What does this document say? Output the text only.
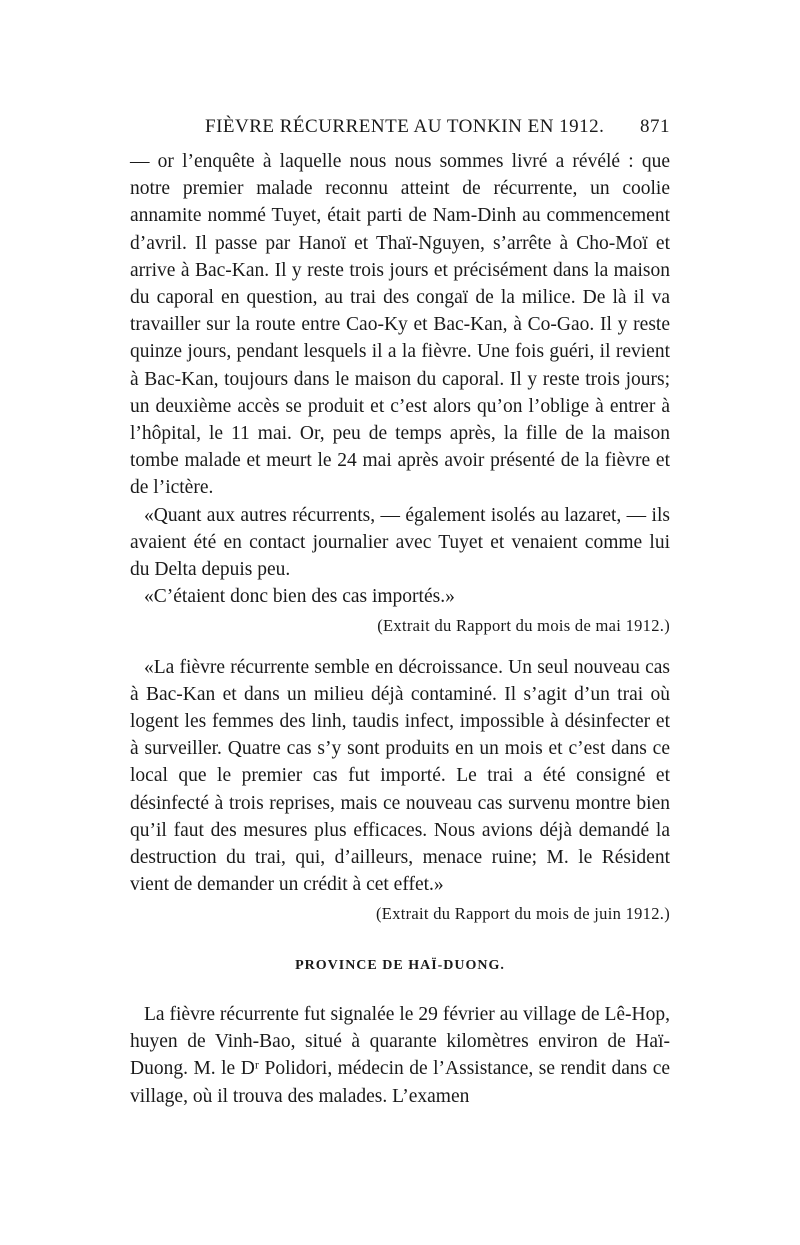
FIÈVRE RÉCURRENTE AU TONKIN EN 1912. 871

— or l’enquête à laquelle nous nous sommes livré a révélé : que notre premier malade reconnu atteint de récurrente, un coolie annamite nommé Tuyet, était parti de Nam-Dinh au commencement d’avril. Il passe par Hanoï et Thaï-Nguyen, s’arrête à Cho-Moï et arrive à Bac-Kan. Il y reste trois jours et précisément dans la maison du caporal en question, au trai des congaï de la milice. De là il va travailler sur la route entre Cao-Ky et Bac-Kan, à Co-Gao. Il y reste quinze jours, pendant lesquels il a la fièvre. Une fois guéri, il revient à Bac-Kan, toujours dans le maison du caporal. Il y reste trois jours; un deuxième accès se produit et c’est alors qu’on l’oblige à entrer à l’hôpital, le 11 mai. Or, peu de temps après, la fille de la maison tombe malade et meurt le 24 mai après avoir présenté de la fièvre et de l’ictère.

«Quant aux autres récurrents, — également isolés au lazaret, — ils avaient été en contact journalier avec Tuyet et venaient comme lui du Delta depuis peu.

«C’étaient donc bien des cas importés.»

(Extrait du Rapport du mois de mai 1912.)

«La fièvre récurrente semble en décroissance. Un seul nouveau cas à Bac-Kan et dans un milieu déjà contaminé. Il s’agit d’un trai où logent les femmes des linh, taudis infect, impossible à désinfecter et à surveiller. Quatre cas s’y sont produits en un mois et c’est dans ce local que le premier cas fut importé. Le trai a été consigné et désinfecté à trois reprises, mais ce nouveau cas survenu montre bien qu’il faut des mesures plus efficaces. Nous avions déjà demandé la destruction du trai, qui, d’ailleurs, menace ruine; M. le Résident vient de demander un crédit à cet effet.»

(Extrait du Rapport du mois de juin 1912.)

PROVINCE DE HAÏ-DUONG.

La fièvre récurrente fut signalée le 29 février au village de Lê-Hop, huyen de Vinh-Bao, situé à quarante kilomètres environ de Haï-Duong. M. le Dʳ Polidori, médecin de l’Assistance, se rendit dans ce village, où il trouva des malades. L’examen
